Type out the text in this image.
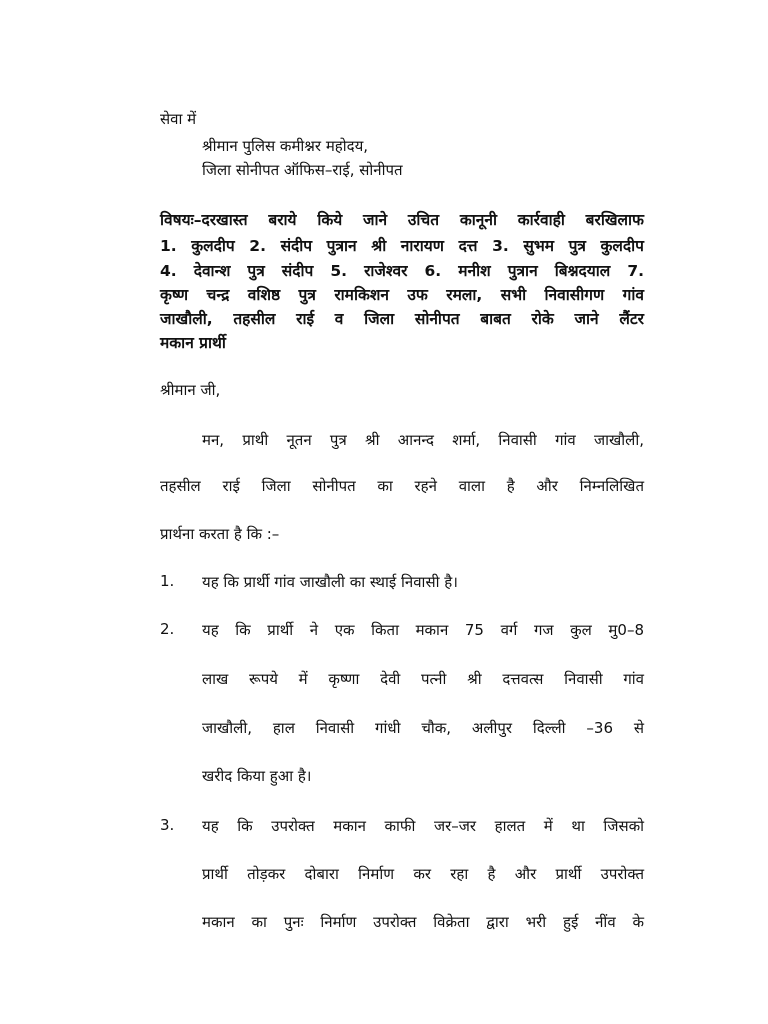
सेवा में
श्रीमान पुलिस कमीश्नर महोदय,
जिला सोनीपत ऑफिस–राई, सोनीपत
विषयः–दरखास्त बराये किये जाने उचित कानूनी कार्रवाही बरखिलाफ
1. कुलदीप 2. संदीप पुत्रान श्री नारायण दत्त 3. सुभम पुत्र कुलदीप
4. देवान्श पुत्र संदीप 5. राजेश्वर 6. मनीश पुत्रान बिश्नदयाल 7.
कृष्ण चन्द्र वशिष्ठ पुत्र रामकिशन उफ रमला, सभी निवासीगण गांव
जाखौली, तहसील राई व जिला सोनीपत बाबत रोके जाने लैंटर
मकान प्रार्थी
श्रीमान जी,
मन, प्राथी नूतन पुत्र श्री आनन्द शर्मा, निवासी गांव जाखौली,
तहसील राई जिला सोनीपत का रहने वाला है और निम्नलिखित
प्रार्थना करता है कि :–
1. यह कि प्रार्थी गांव जाखौली का स्थाई निवासी है।
2. यह कि प्रार्थी ने एक किता मकान 75 वर्ग गज कुल मु0–8
लाख रूपये में कृष्णा देवी पत्नी श्री दत्तवत्स निवासी गांव
जाखौली, हाल निवासी गांधी चौक, अलीपुर दिल्ली –36 से
खरीद किया हुआ है।
3. यह कि उपरोक्त मकान काफी जर–जर हालत में था जिसको
प्रार्थी तोड़कर दोबारा निर्माण कर रहा है और प्रार्थी उपरोक्त
मकान का पुनः निर्माण उपरोक्त विक्रेता द्वारा भरी हुई नींव के
